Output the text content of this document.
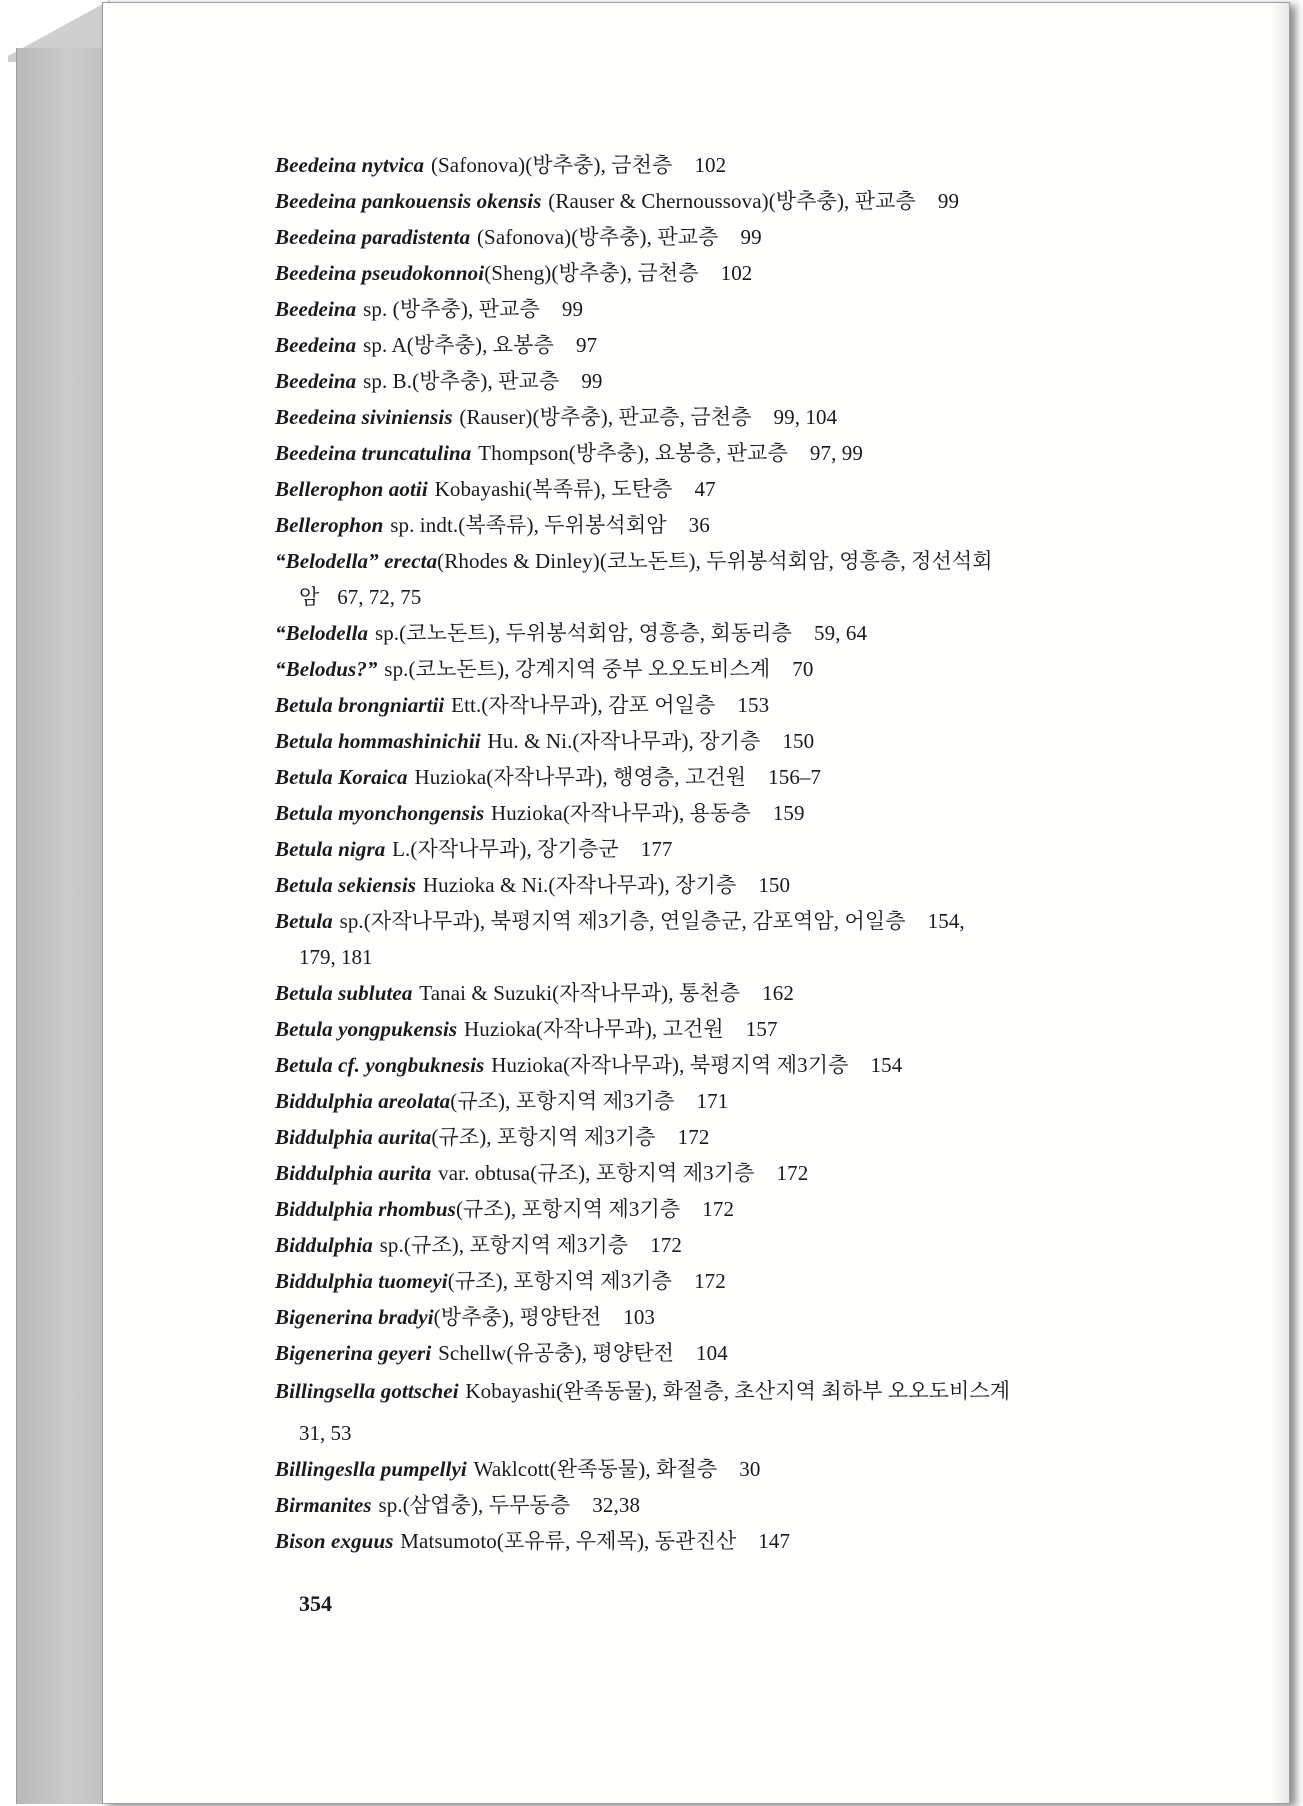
Beedeina nytvica (Safonova)(방추충), 금천층 102
Beedeina pankouensis okensis (Rauser & Chernoussova)(방추충), 판교층 99
Beedeina paradistenta (Safonova)(방추충), 판교층 99
Beedeina pseudokonnoi(Sheng)(방추충), 금천층 102
Beedeina sp. (방추충), 판교층 99
Beedeina sp. A(방추충), 요봉층 97
Beedeina sp. B.(방추충), 판교층 99
Beedeina siviniensis (Rauser)(방추충), 판교층, 금천층 99, 104
Beedeina truncatulina Thompson(방추충), 요봉층, 판교층 97, 99
Bellerophon aotii Kobayashi(복족류), 도탄층 47
Bellerophon sp. indt.(복족류), 두위봉석회암 36
“Belodella” erecta(Rhodes & Dinley)(코노돈트), 두위봉석회암, 영흥층, 정선석회
암 67, 72, 75
“Belodella sp.(코노돈트), 두위봉석회암, 영흥층, 회동리층 59, 64
“Belodus?” sp.(코노돈트), 강계지역 중부 오오도비스계 70
Betula brongniartii Ett.(자작나무과), 감포 어일층 153
Betula hommashinichii Hu. & Ni.(자작나무과), 장기층 150
Betula Koraica Huzioka(자작나무과), 행영층, 고건원 156–7
Betula myonchongensis Huzioka(자작나무과), 용동층 159
Betula nigra L.(자작나무과), 장기층군 177
Betula sekiensis Huzioka & Ni.(자작나무과), 장기층 150
Betula sp.(자작나무과), 북평지역 제3기층, 연일층군, 감포역암, 어일층 154,
179, 181
Betula sublutea Tanai & Suzuki(자작나무과), 통천층 162
Betula yongpukensis Huzioka(자작나무과), 고건원 157
Betula cf. yongbuknesis Huzioka(자작나무과), 북평지역 제3기층 154
Biddulphia areolata(규조), 포항지역 제3기층 171
Biddulphia aurita(규조), 포항지역 제3기층 172
Biddulphia aurita var. obtusa(규조), 포항지역 제3기층 172
Biddulphia rhombus(규조), 포항지역 제3기층 172
Biddulphia sp.(규조), 포항지역 제3기층 172
Biddulphia tuomeyi(규조), 포항지역 제3기층 172
Bigenerina bradyi(방추충), 평양탄전 103
Bigenerina geyeri Schellw(유공충), 평양탄전 104
Billingsella gottschei Kobayashi(완족동물), 화절층, 초산지역 최하부 오오도비스계
31, 53
Billingeslla pumpellyi Waklcott(완족동물), 화절층 30
Birmanites sp.(삼엽충), 두무동층 32,38
Bison exguus Matsumoto(포유류, 우제목), 동관진산 147
354
